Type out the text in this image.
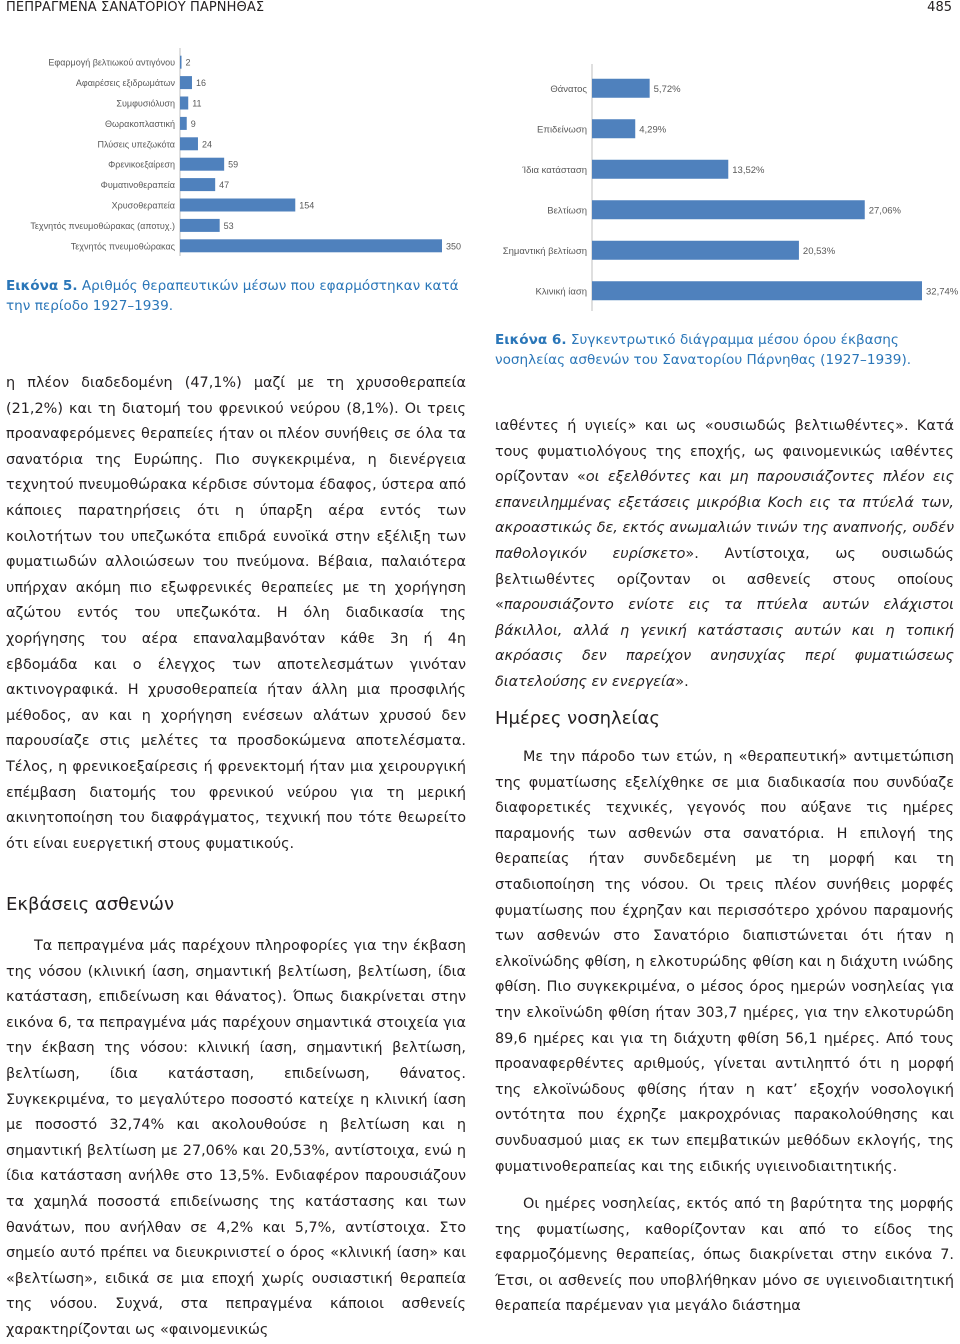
ΠΕΠΡΑΓΜΕΝΑ ΣΑΝΑΤΟΡΙΟΥ ΠΑΡΝΗΘΑΣ	485
Εφαρμογή βελτιωκού αντιγόνου 2
Αφαιρέσεις εξιδρωμάτων 16
Συμφυσιόλυση 11
Θωρακοπλαστική 9
Πλύσεις υπεζωκότα	24
Φρενικοεξαίρεση	59
Φυματινοθεραπεία	47
Χρυσοθεραπεία	154
Τεχνητός πνευμοθώρακας (αποτυχ.)	53
Τεχνητός πνευμοθώρακας	350
Εικόνα 5. Αριθμός θεραπευτικών μέσων που εφαρμόστηκαν κατά την περίοδο 1927–1939.
Θάνατος	5,72%
Επιδείνωση	4,29%
Ίδια κατάσταση	13,52%
Βελτίωση	27,06%
Σημαντική βελτίωση	20,53%
Κλινική ίαση	32,74%
Εικόνα 6. Συγκεντρωτικό διάγραμμα μέσου όρου έκβασης νοσηλείας ασθενών του Σανατορίου Πάρνηθας (1927–1939).

η πλέον διαδεδομένη (47,1%) μαζί με τη χρυσοθεραπεία (21,2%) και τη διατομή του φρενικού νεύρου (8,1%). Οι τρεις προαναφερόμενες θεραπείες ήταν οι πλέον συνήθεις σε όλα τα σανατόρια της Ευρώπης. Πιο συγκεκριμένα, η διενέργεια τεχνητού πνευμοθώρακα κέρδισε σύντομα έδαφος, ύστερα από κάποιες παρατηρήσεις ότι η ύπαρξη αέρα εντός των κοιλοτήτων του υπεζωκότα επιδρά ευνοϊκά στην εξέλιξη των φυματιωδών αλλοιώσεων του πνεύμονα. Βέβαια, παλαιότερα υπήρχαν ακόμη πιο εξωφρενικές θεραπείες με τη χορήγηση αζώτου εντός του υπεζωκότα. Η όλη διαδικασία της χορήγησης του αέρα επαναλαμβανόταν κάθε 3η ή 4η εβδομάδα και ο έλεγχος των αποτελεσμάτων γινόταν ακτινογραφικά. Η χρυσοθεραπεία ήταν άλλη μια προσφιλής μέθοδος, αν και η χορήγηση ενέσεων αλάτων χρυσού δεν παρουσίαζε στις μελέτες τα προσδοκώμενα αποτελέσματα. Τέλος, η φρενικοεξαίρεσις ή φρενεκτομή ήταν μια χειρουργική επέμβαση διατομής του φρενικού νεύρου για τη μερική ακινητοποίηση του διαφράγματος, τεχνική που τότε θεωρείτο ότι είναι ευεργετική στους φυματικούς.

Εκβάσεις ασθενών

Τα πεπραγμένα μάς παρέχουν πληροφορίες για την έκβαση της νόσου (κλινική ίαση, σημαντική βελτίωση, βελτίωση, ίδια κατάσταση, επιδείνωση και θάνατος). Όπως διακρίνεται στην εικόνα 6, τα πεπραγμένα μάς παρέχουν σημαντικά στοιχεία για την έκβαση της νόσου: κλινική ίαση, σημαντική βελτίωση, βελτίωση, ίδια κατάσταση, επιδείνωση, θάνατος. Συγκεκριμένα, το μεγαλύτερο ποσοστό κατείχε η κλινική ίαση με ποσοστό 32,74% και ακολουθούσε η βελτίωση και η σημαντική βελτίωση με 27,06% και 20,53%, αντίστοιχα, ενώ η ίδια κατάσταση ανήλθε στο 13,5%. Ενδιαφέρον παρουσιάζουν τα χαμηλά ποσοστά επιδείνωσης της κατάστασης και των θανάτων, που ανήλθαν σε 4,2% και 5,7%, αντίστοιχα. Στο σημείο αυτό πρέπει να διευκρινιστεί ο όρος «κλινική ίαση» και «βελτίωση», ειδικά σε μια εποχή χωρίς ουσιαστική θεραπεία της νόσου. Συχνά, στα πεπραγμένα κάποιοι ασθενείς χαρακτηρίζονται ως «φαινομενικώς

ιαθέντες ή υγιείς» και ως «ουσιωδώς βελτιωθέντες». Κατά τους φυματιολόγους της εποχής, ως φαινομενικώς ιαθέντες ορίζονταν «οι εξελθόντες και μη παρουσιάζοντες πλέον εις επανειλημμένας εξετάσεις μικρόβια Koch εις τα πτύελά των, ακροαστικώς δε, εκτός ανωμαλιών τινών της αναπνοής, ουδέν παθολογικόν ευρίσκετο». Αντίστοιχα, ως ουσιωδώς βελτιωθέντες ορίζονταν οι ασθενείς στους οποίους «παρουσιάζοντο ενίοτε εις τα πτύελα αυτών ελάχιστοι βάκιλλοι, αλλά η γενική κατάστασις αυτών και η τοπική ακρόασις δεν παρείχον ανησυχίας περί φυματιώσεως διατελούσης εν ενεργεία».

Ημέρες νοσηλείας

Με την πάροδο των ετών, η «θεραπευτική» αντιμετώπιση της φυματίωσης εξελίχθηκε σε μια διαδικασία που συνδύαζε διαφορετικές τεχνικές, γεγονός που αύξανε τις ημέρες παραμονής των ασθενών στα σανατόρια. Η επιλογή της θεραπείας ήταν συνδεδεμένη με τη μορφή και τη σταδιοποίηση της νόσου. Οι τρεις πλέον συνήθεις μορφές φυματίωσης που έχρηζαν και περισσότερο χρόνου παραμονής των ασθενών στο Σανατόριο διαπιστώνεται ότι ήταν η ελκοϊνώδης φθίση, η ελκοτυρώδης φθίση και η διάχυτη ινώδης φθίση. Πιο συγκεκριμένα, ο μέσος όρος ημερών νοσηλείας για την ελκοϊνώδη φθίση ήταν 303,7 ημέρες, για την ελκοτυρώδη 89,6 ημέρες και για τη διάχυτη φθίση 56,1 ημέρες. Από τους προαναφερθέντες αριθμούς, γίνεται αντιληπτό ότι η μορφή της ελκοϊνώδους φθίσης ήταν η κατ’ εξοχήν νοσολογική οντότητα που έχρηζε μακροχρόνιας παρακολούθησης και συνδυασμού μιας εκ των επεμβατικών μεθόδων εκλογής, της φυματινοθεραπείας και της ειδικής υγιεινοδιαιτητικής.

Οι ημέρες νοσηλείας, εκτός από τη βαρύτητα της μορφής της φυματίωσης, καθορίζονταν και από το είδος της εφαρμοζόμενης θεραπείας, όπως διακρίνεται στην εικόνα 7. Έτσι, οι ασθενείς που υποβλήθηκαν μόνο σε υγιεινοδιαιτητική θεραπεία παρέμεναν για μεγάλο διάστημα
